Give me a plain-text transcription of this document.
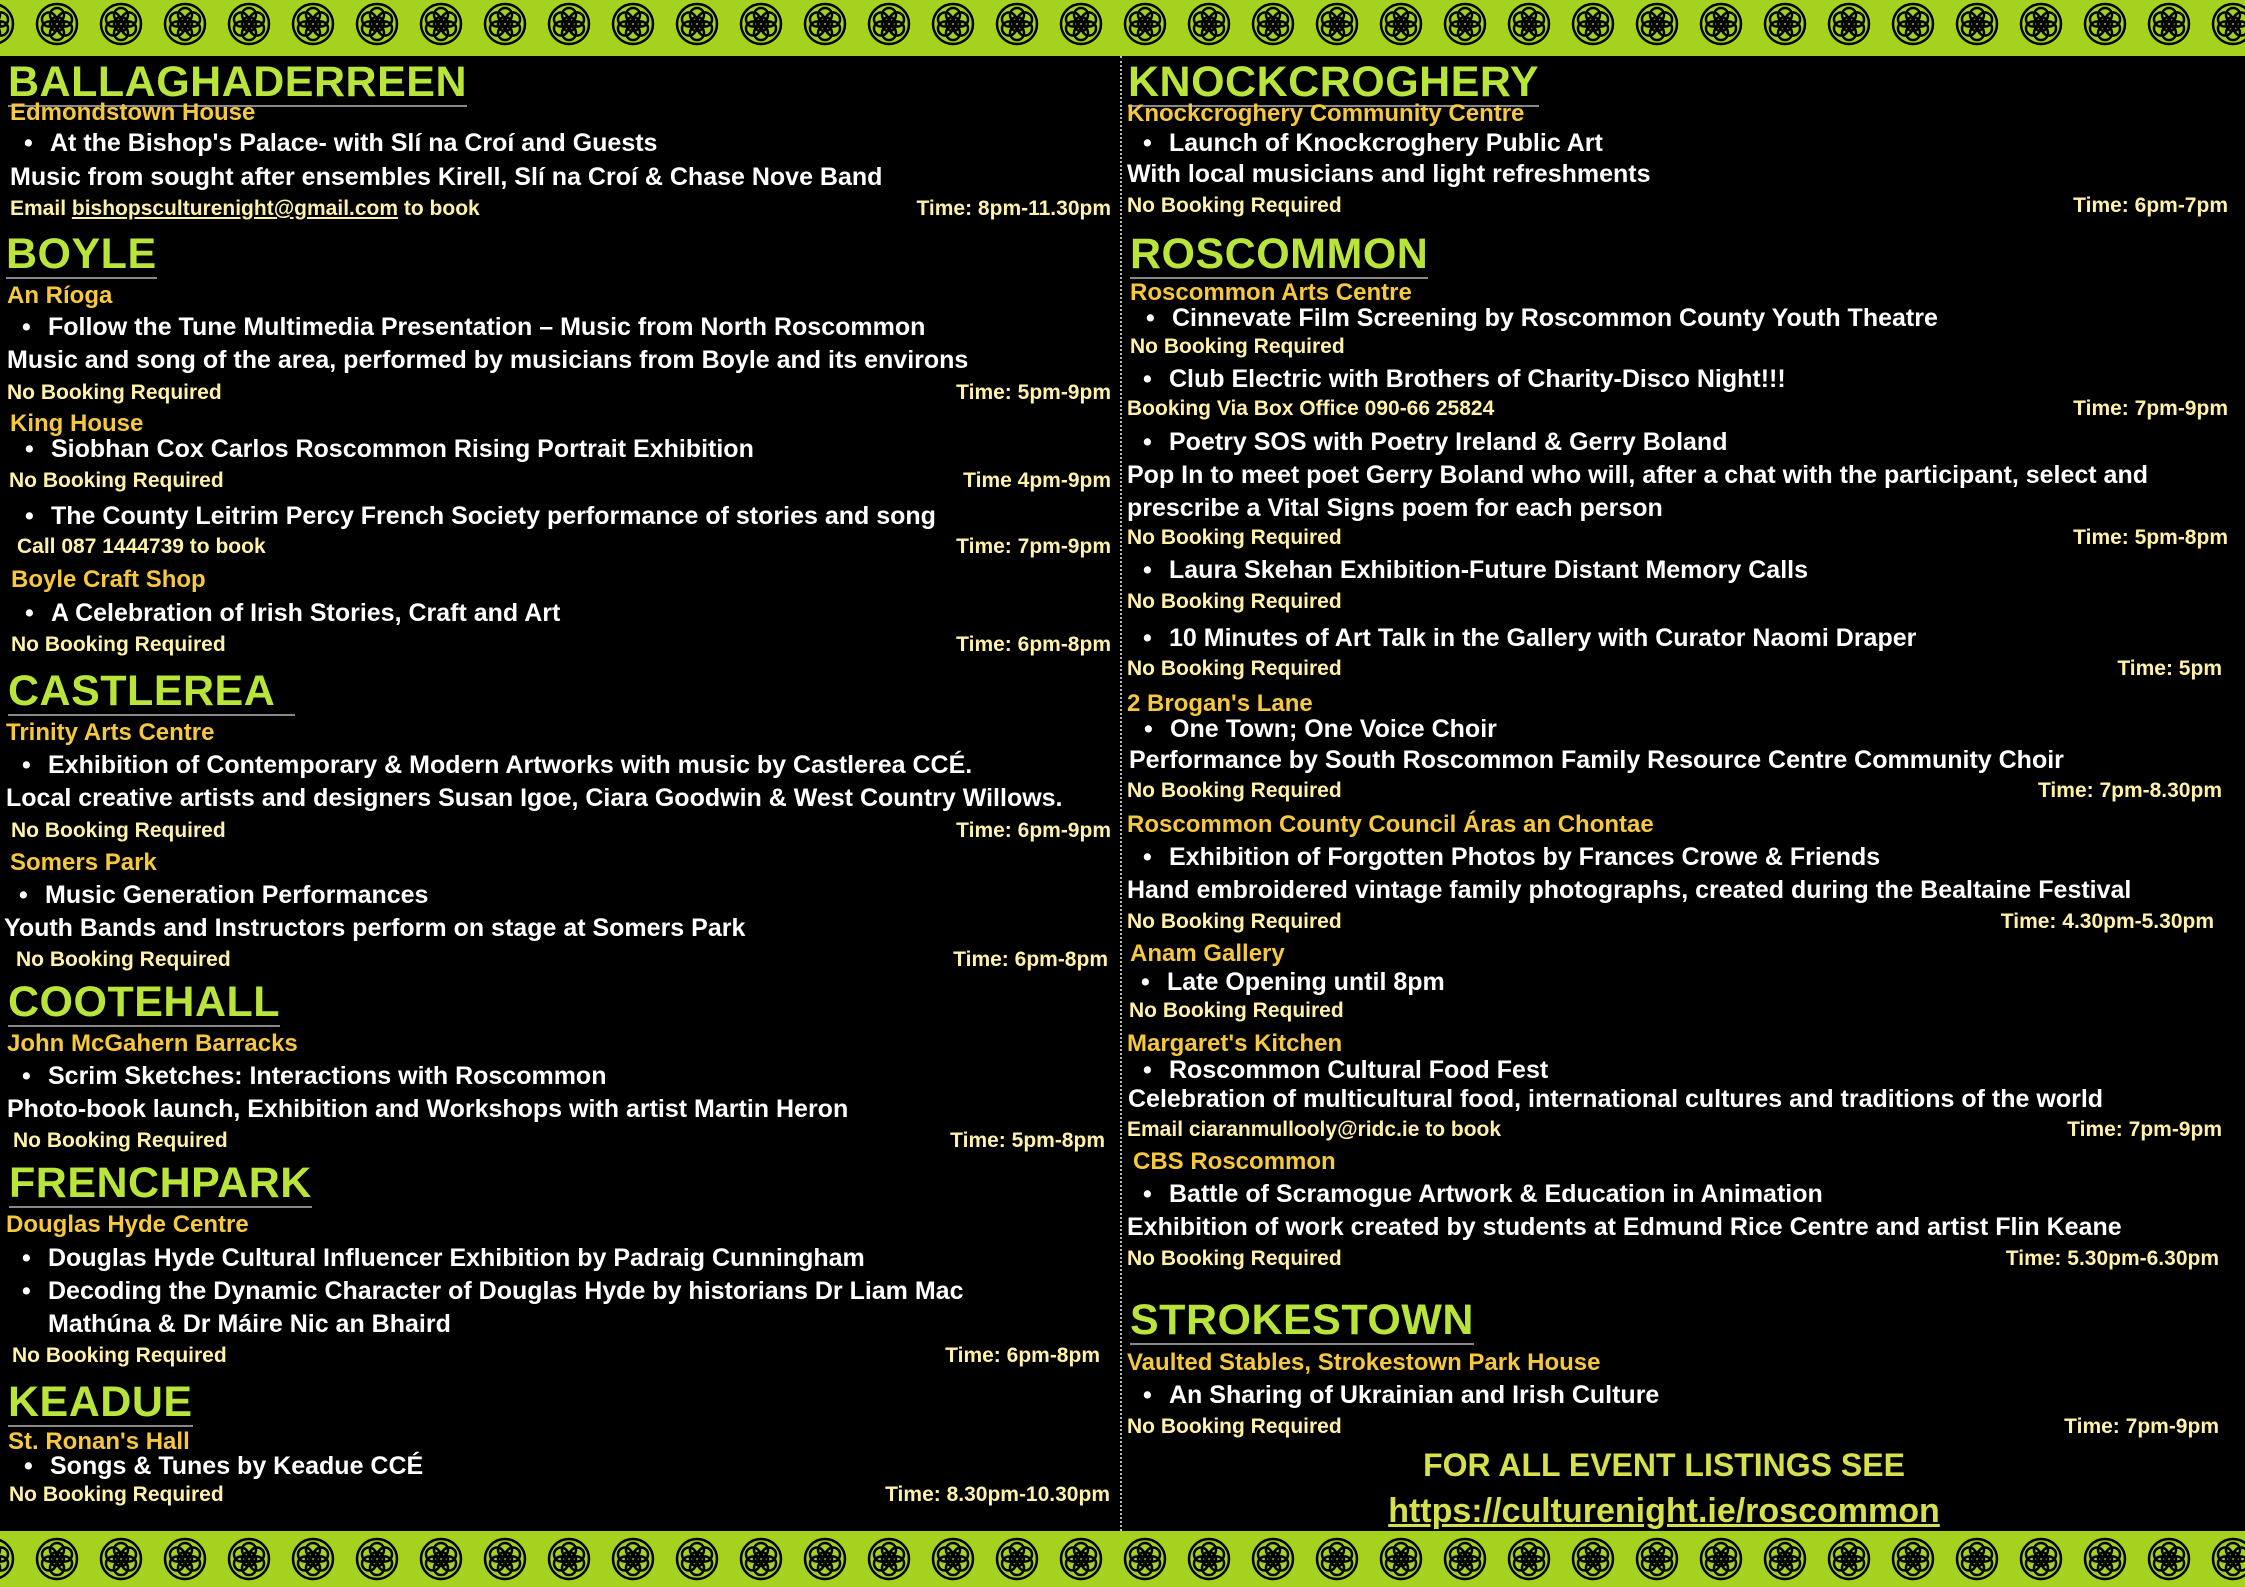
BALLAGHADERREEN
Edmondstown House
• At the Bishop's Palace- with Slí na Croí and Guests
Music from sought after ensembles Kirell, Slí na Croí & Chase Nove Band
Email bishopsculturenight@gmail.com to book	Time: 8pm-11.30pm
BOYLE
An Ríoga
• Follow the Tune Multimedia Presentation – Music from North Roscommon
Music and song of the area, performed by musicians from Boyle and its environs
No Booking Required	Time: 5pm-9pm
King House
• Siobhan Cox Carlos Roscommon Rising Portrait Exhibition
No Booking Required	Time 4pm-9pm
• The County Leitrim Percy French Society performance of stories and song
Call 087 1444739 to book	Time: 7pm-9pm
Boyle Craft Shop
• A Celebration of Irish Stories, Craft and Art
No Booking Required	Time: 6pm-8pm
CASTLEREA
Trinity Arts Centre
• Exhibition of Contemporary & Modern Artworks with music by Castlerea CCÉ.
Local creative artists and designers Susan Igoe, Ciara Goodwin & West Country Willows.
No Booking Required	Time: 6pm-9pm
Somers Park
• Music Generation Performances
Youth Bands and Instructors perform on stage at Somers Park
No Booking Required	Time: 6pm-8pm
COOTEHALL
John McGahern Barracks
• Scrim Sketches: Interactions with Roscommon
Photo-book launch, Exhibition and Workshops with artist Martin Heron
No Booking Required	Time: 5pm-8pm
FRENCHPARK
Douglas Hyde Centre
• Douglas Hyde Cultural Influencer Exhibition by Padraig Cunningham
• Decoding the Dynamic Character of Douglas Hyde by historians Dr Liam Mac
Mathúna & Dr Máire Nic an Bhaird
No Booking Required	Time: 6pm-8pm
KEADUE
St. Ronan's Hall
• Songs & Tunes by Keadue CCÉ
No Booking Required	Time: 8.30pm-10.30pm
KNOCKCROGHERY
Knockcroghery Community Centre
• Launch of Knockcroghery Public Art
With local musicians and light refreshments
No Booking Required	Time: 6pm-7pm
ROSCOMMON
Roscommon Arts Centre
• Cinnevate Film Screening by Roscommon County Youth Theatre
No Booking Required
• Club Electric with Brothers of Charity-Disco Night!!!
Booking Via Box Office 090-66 25824	Time: 7pm-9pm
• Poetry SOS with Poetry Ireland & Gerry Boland
Pop In to meet poet Gerry Boland who will, after a chat with the participant, select and
prescribe a Vital Signs poem for each person
No Booking Required	Time: 5pm-8pm
• Laura Skehan Exhibition-Future Distant Memory Calls
No Booking Required
• 10 Minutes of Art Talk in the Gallery with Curator Naomi Draper
No Booking Required	Time: 5pm
2 Brogan's Lane
• One Town; One Voice Choir
Performance by South Roscommon Family Resource Centre Community Choir
No Booking Required	Time: 7pm-8.30pm
Roscommon County Council Áras an Chontae
• Exhibition of Forgotten Photos by Frances Crowe & Friends
Hand embroidered vintage family photographs, created during the Bealtaine Festival
No Booking Required	Time: 4.30pm-5.30pm
Anam Gallery
• Late Opening until 8pm
No Booking Required
Margaret's Kitchen
• Roscommon Cultural Food Fest
Celebration of multicultural food, international cultures and traditions of the world
Email ciaranmullooly@ridc.ie to book	Time: 7pm-9pm
CBS Roscommon
• Battle of Scramogue Artwork & Education in Animation
Exhibition of work created by students at Edmund Rice Centre and artist Flin Keane
No Booking Required	Time: 5.30pm-6.30pm
STROKESTOWN
Vaulted Stables, Strokestown Park House
• An Sharing of Ukrainian and Irish Culture
No Booking Required	Time: 7pm-9pm
FOR ALL EVENT LISTINGS SEE
https://culturenight.ie/roscommon
